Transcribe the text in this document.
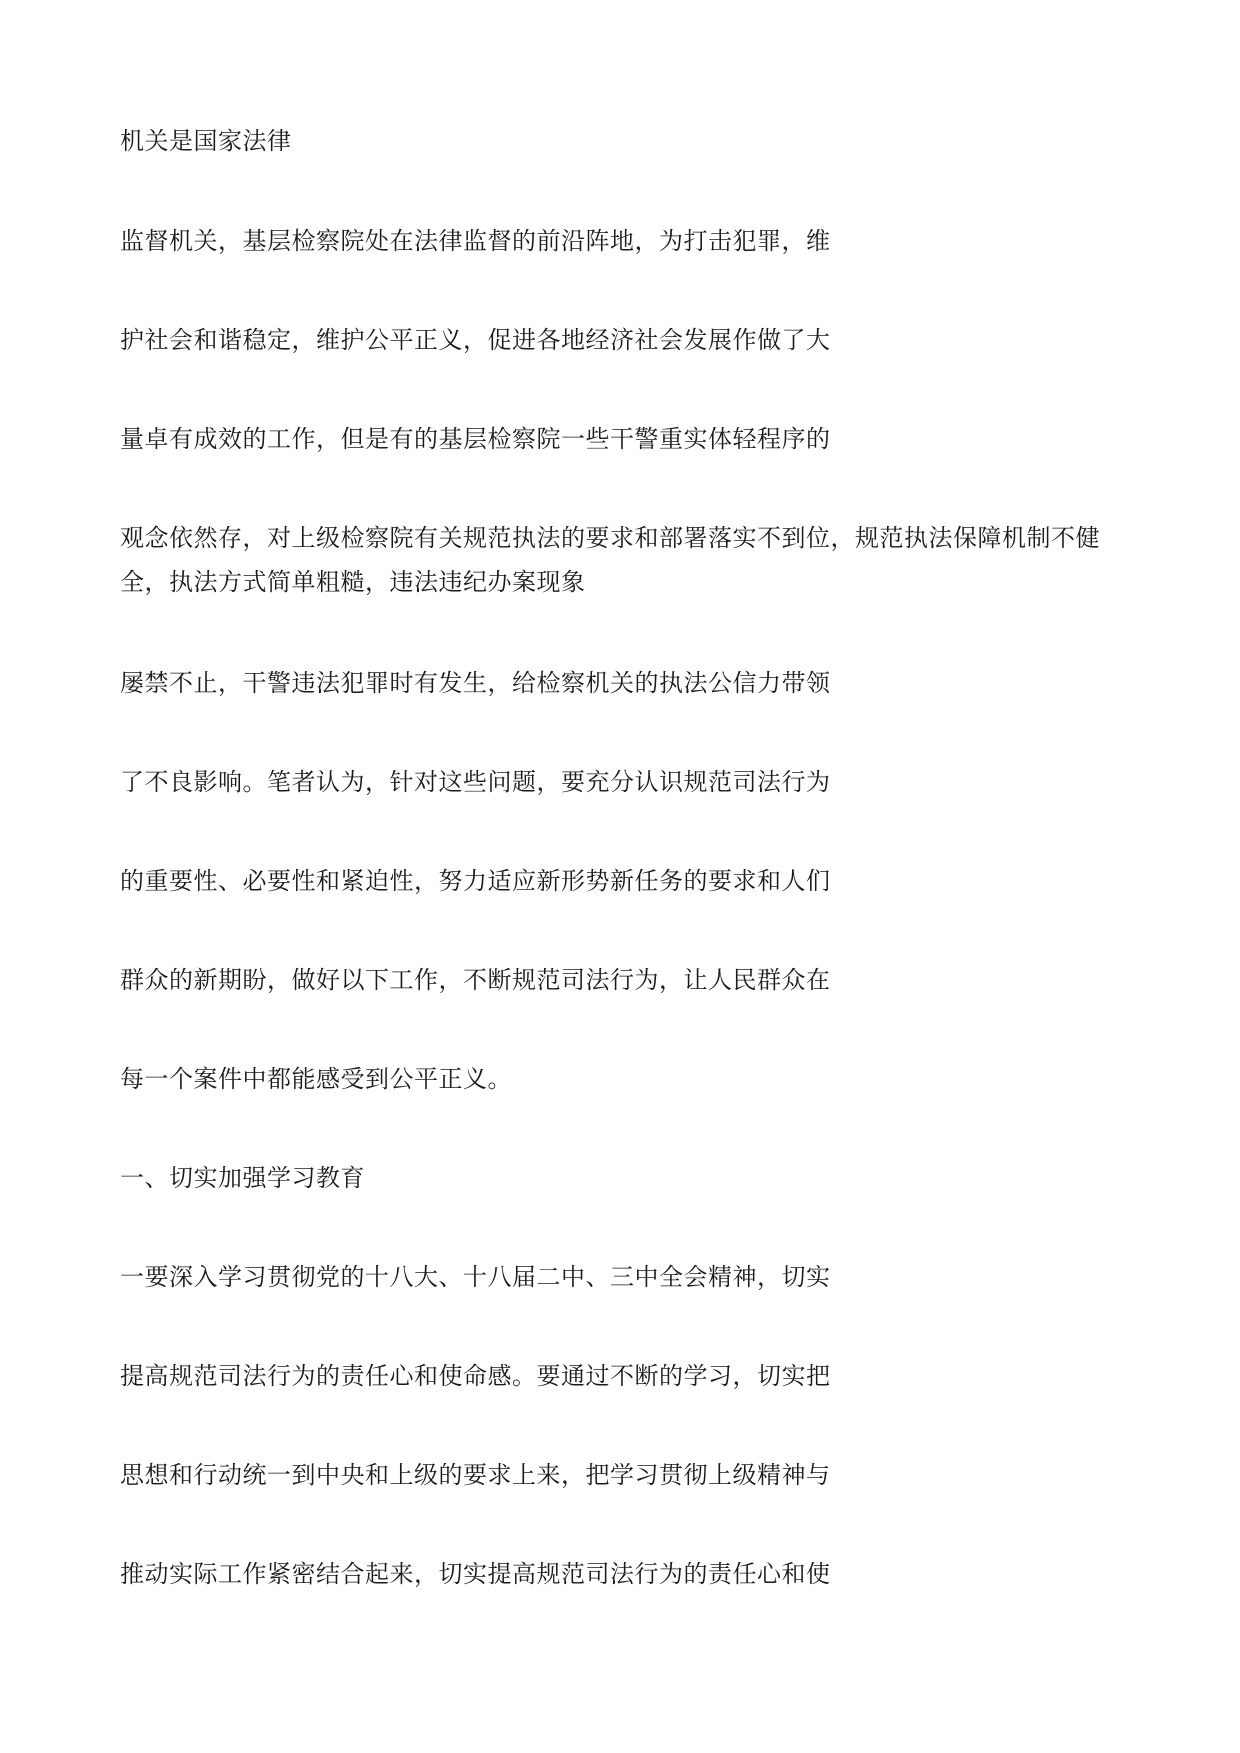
机关是国家法律
监督机关，基层检察院处在法律监督的前沿阵地，为打击犯罪，维
护社会和谐稳定，维护公平正义，促进各地经济社会发展作做了大
量卓有成效的工作，但是有的基层检察院一些干警重实体轻程序的
观念依然存，对上级检察院有关规范执法的要求和部署落实不到位，规范执法保障机制不健
全，执法方式简单粗糙，违法违纪办案现象
屡禁不止，干警违法犯罪时有发生，给检察机关的执法公信力带领
了不良影响。笔者认为，针对这些问题，要充分认识规范司法行为
的重要性、必要性和紧迫性，努力适应新形势新任务的要求和人们
群众的新期盼，做好以下工作，不断规范司法行为，让人民群众在
每一个案件中都能感受到公平正义。
一、切实加强学习教育
一要深入学习贯彻党的十八大、十八届二中、三中全会精神，切实
提高规范司法行为的责任心和使命感。要通过不断的学习，切实把
思想和行动统一到中央和上级的要求上来，把学习贯彻上级精神与
推动实际工作紧密结合起来，切实提高规范司法行为的责任心和使
